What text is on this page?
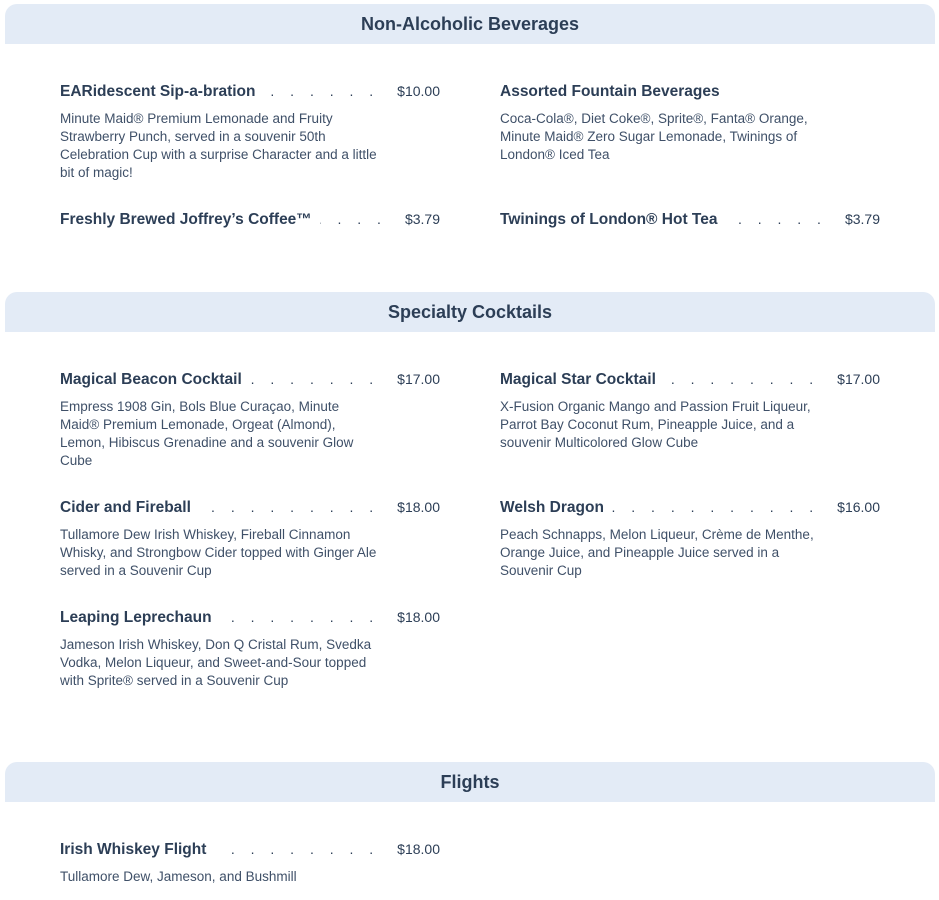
Non-Alcoholic Beverages
EARidescent Sip-a-bration . . .	$10.00
Minute Maid® Premium Lemonade and Fruity Strawberry Punch, served in a souvenir 50th Celebration Cup with a surprise Character and a little bit of magic!
Assorted Fountain Beverages
Coca-Cola®, Diet Coke®, Sprite®, Fanta® Orange, Minute Maid® Zero Sugar Lemonade, Twinings of London® Iced Tea
Freshly Brewed Joffrey’s Coffee™ . . .	$3.79	Twinings of London® Hot Tea . . .	$3.79
Specialty Cocktails
Magical Beacon Cocktail . . .	$17.00
Empress 1908 Gin, Bols Blue Curaçao, Minute Maid® Premium Lemonade, Orgeat (Almond), Lemon, Hibiscus Grenadine and a souvenir Glow Cube
Magical Star Cocktail . . .	$17.00
X-Fusion Organic Mango and Passion Fruit Liqueur, Parrot Bay Coconut Rum, Pineapple Juice, and a souvenir Multicolored Glow Cube
Cider and Fireball . . .	$18.00
Tullamore Dew Irish Whiskey, Fireball Cinnamon Whisky, and Strongbow Cider topped with Ginger Ale served in a Souvenir Cup
Welsh Dragon . . .	$16.00
Peach Schnapps, Melon Liqueur, Crème de Menthe, Orange Juice, and Pineapple Juice served in a Souvenir Cup
Leaping Leprechaun . . .	$18.00
Jameson Irish Whiskey, Don Q Cristal Rum, Svedka Vodka, Melon Liqueur, and Sweet-and-Sour topped with Sprite® served in a Souvenir Cup
Flights
Irish Whiskey Flight . . .	$18.00
Tullamore Dew, Jameson, and Bushmill
